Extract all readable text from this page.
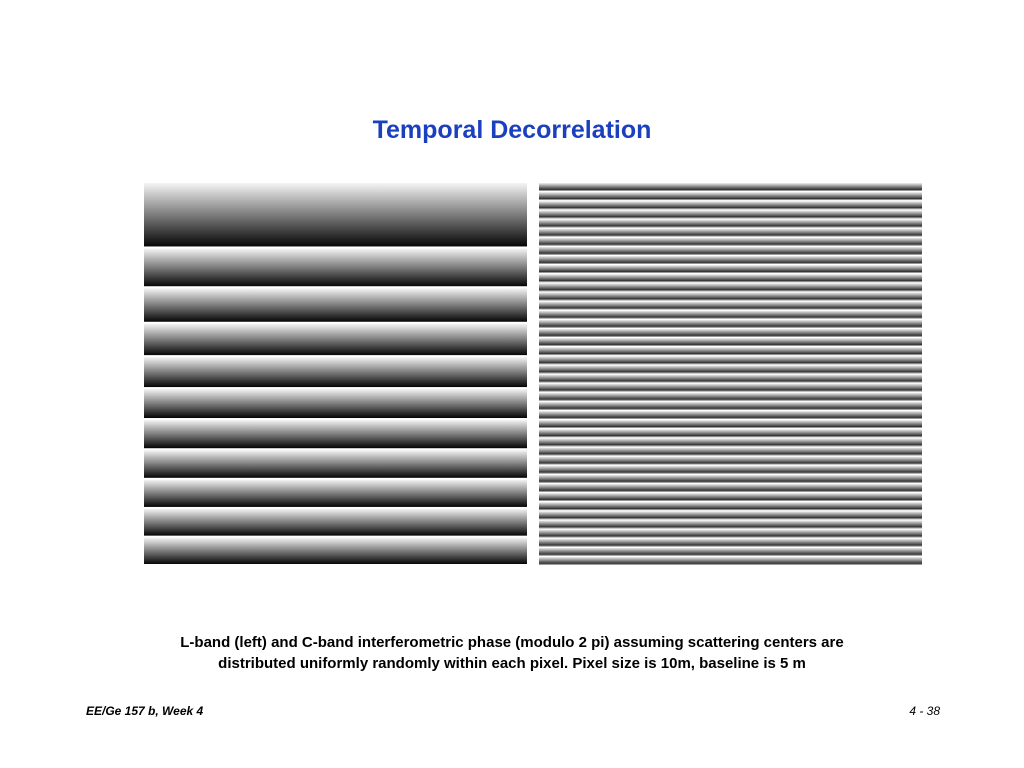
Temporal Decorrelation
L-band (left) and C-band interferometric phase (modulo 2 pi) assuming scattering centers are
distributed uniformly randomly within each pixel. Pixel size is 10m, baseline is 5 m
EE/Ge 157 b, Week 4	4 - 38
